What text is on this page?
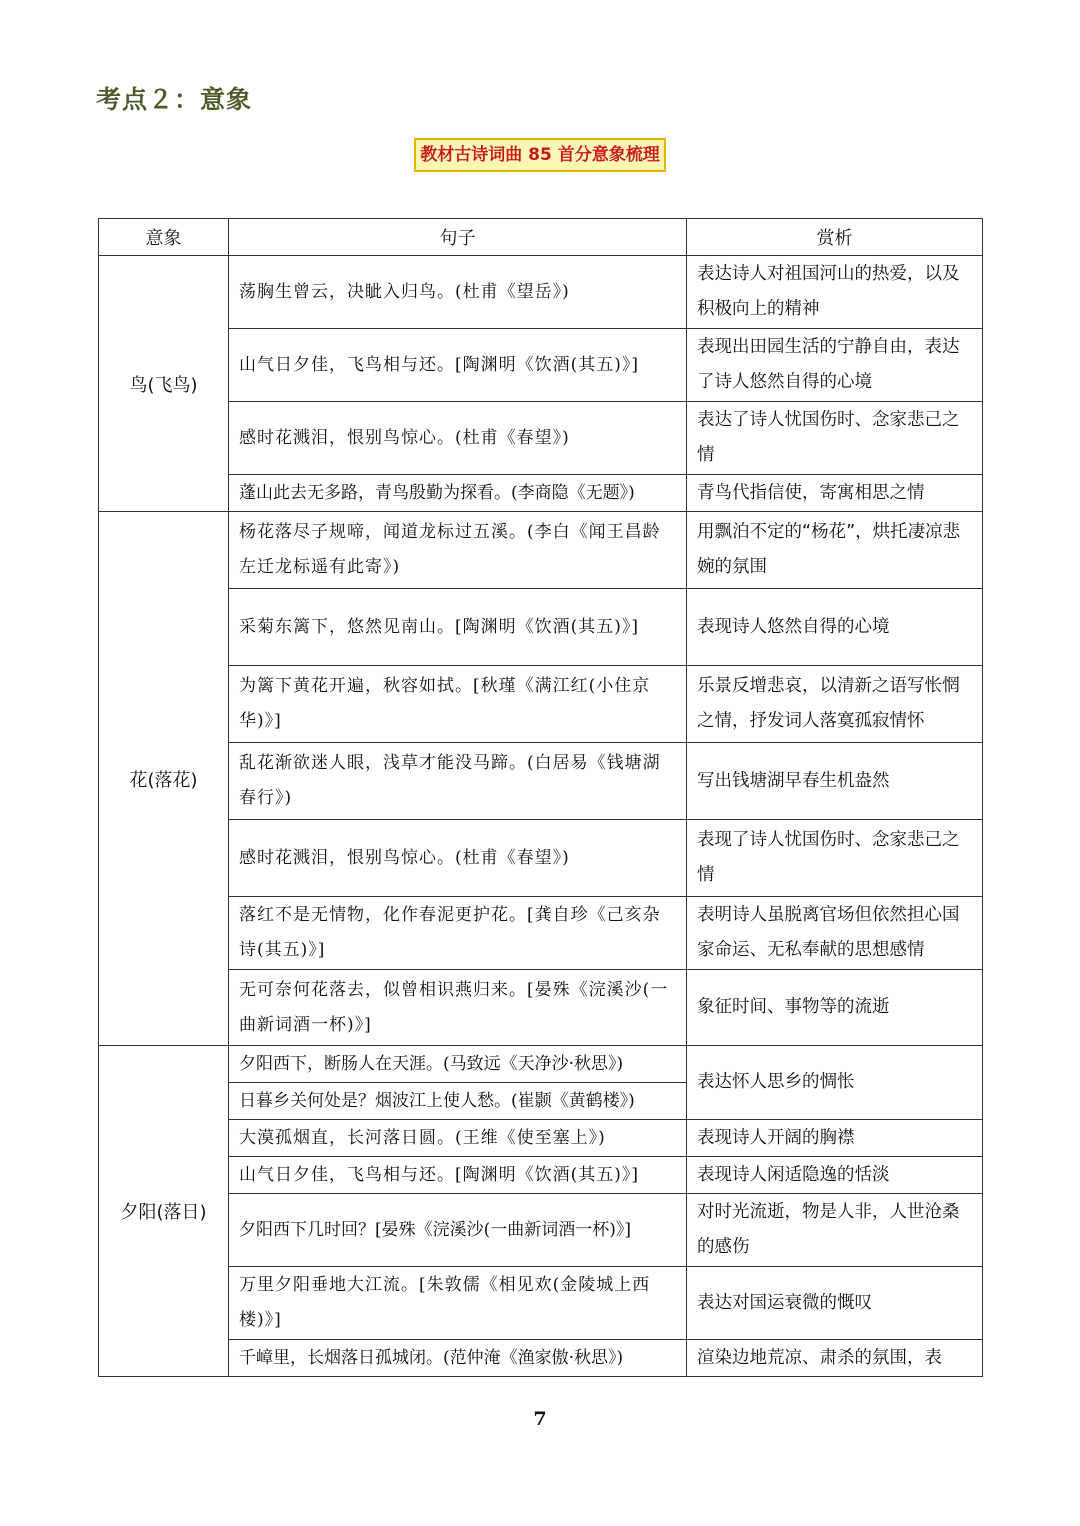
考点２：意象
教材古诗词曲 85 首分意象梳理
意象	句子	赏析
鸟(飞鸟)	荡胸生曾云，决眦入归鸟。(杜甫《望岳》)	表达诗人对祖国河山的热爱，以及积极向上的精神
	山气日夕佳，飞鸟相与还。[陶渊明《饮酒(其五)》]	表现出田园生活的宁静自由，表达了诗人悠然自得的心境
	感时花溅泪，恨别鸟惊心。(杜甫《春望》)	表达了诗人忧国伤时、念家悲己之情
	蓬山此去无多路，青鸟殷勤为探看。(李商隐《无题》)	青鸟代指信使，寄寓相思之情
花(落花)	杨花落尽子规啼，闻道龙标过五溪。(李白《闻王昌龄左迁龙标遥有此寄》)	用飘泊不定的“杨花”，烘托凄凉悲婉的氛围
	采菊东篱下，悠然见南山。[陶渊明《饮酒(其五)》]	表现诗人悠然自得的心境
	为篱下黄花开遍，秋容如拭。[秋瑾《满江红(小住京华)》]	乐景反增悲哀，以清新之语写怅惘之情，抒发词人落寞孤寂情怀
	乱花渐欲迷人眼，浅草才能没马蹄。(白居易《钱塘湖春行》)	写出钱塘湖早春生机盎然
	感时花溅泪，恨别鸟惊心。(杜甫《春望》)	表现了诗人忧国伤时、念家悲己之情
	落红不是无情物，化作春泥更护花。[龚自珍《己亥杂诗(其五)》]	表明诗人虽脱离官场但依然担心国家命运、无私奉献的思想感情
	无可奈何花落去，似曾相识燕归来。[晏殊《浣溪沙(一曲新词酒一杯)》]	象征时间、事物等的流逝
夕阳(落日)	夕阳西下，断肠人在天涯。(马致远《天净沙·秋思》)	表达怀人思乡的惆怅
	日暮乡关何处是？烟波江上使人愁。(崔颢《黄鹤楼》)	
	大漠孤烟直，长河落日圆。(王维《使至塞上》)	表现诗人开阔的胸襟
	山气日夕佳，飞鸟相与还。[陶渊明《饮酒(其五)》]	表现诗人闲适隐逸的恬淡
	夕阳西下几时回？[晏殊《浣溪沙(一曲新词酒一杯)》]	对时光流逝，物是人非，人世沧桑的感伤
	万里夕阳垂地大江流。[朱敦儒《相见欢(金陵城上西楼)》]	表达对国运衰微的慨叹
	千嶂里，长烟落日孤城闭。(范仲淹《渔家傲·秋思》)	渲染边地荒凉、肃杀的氛围，表
7
